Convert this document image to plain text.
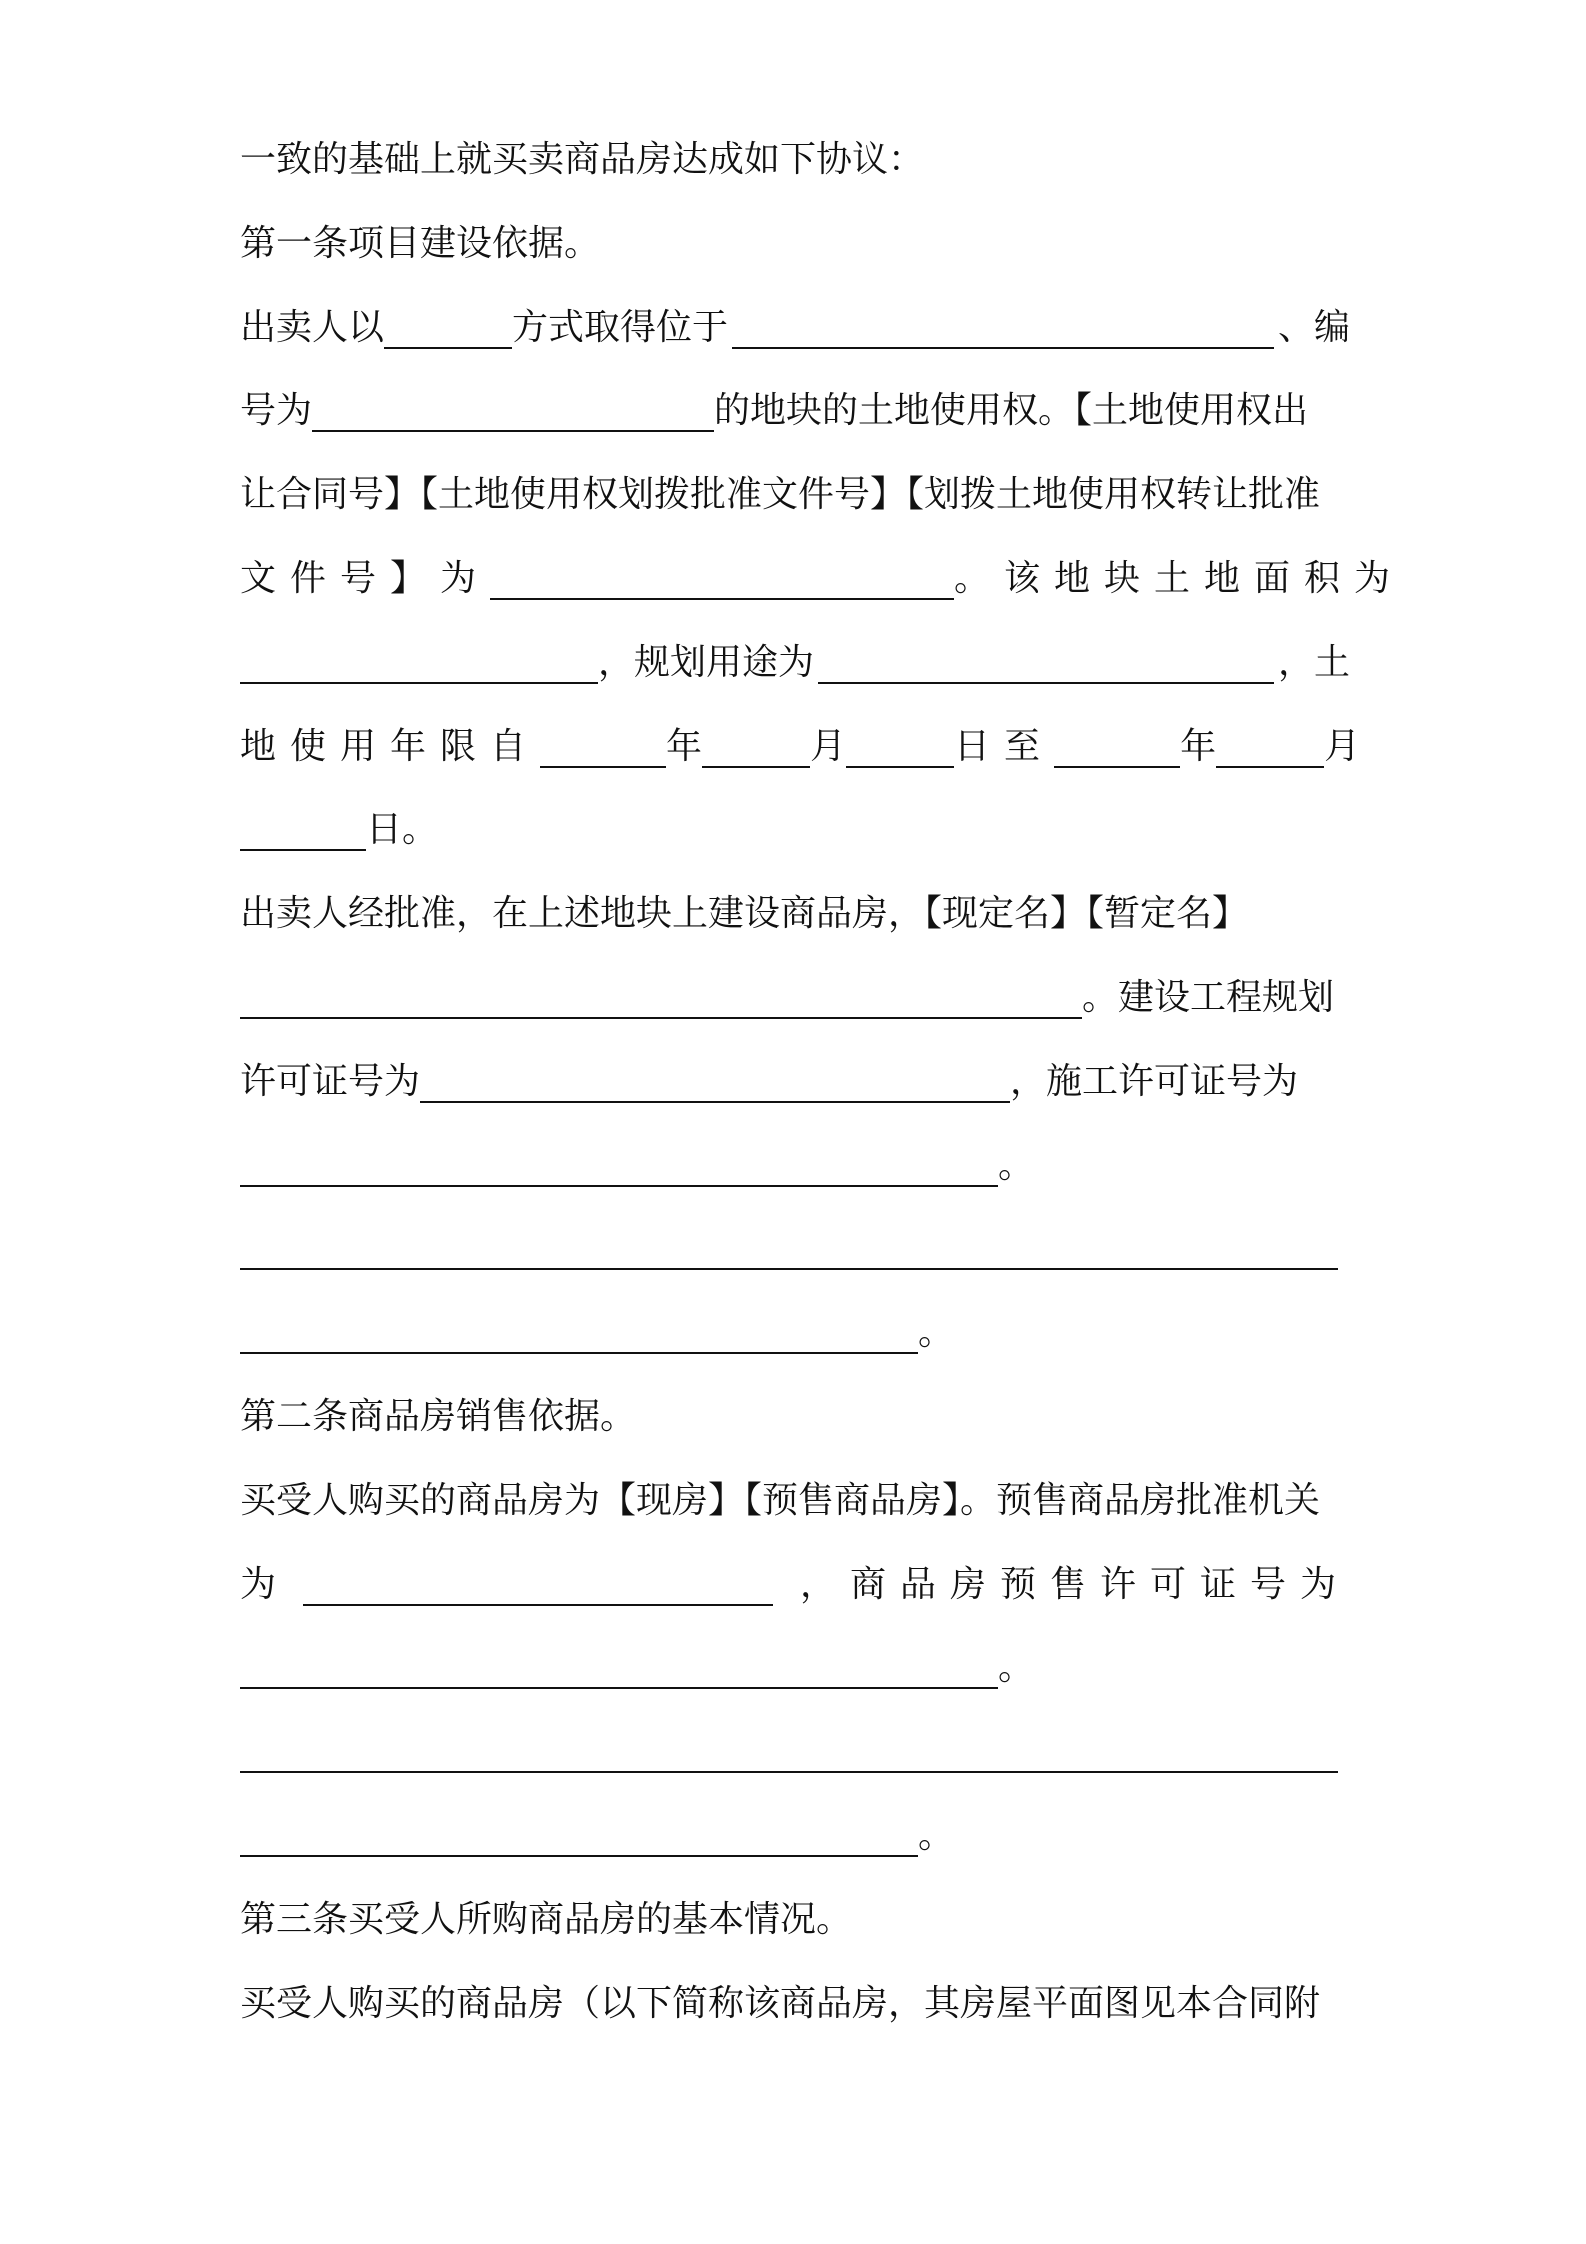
一致的基础上就买卖商品房达成如下协议：
第一条项目建设依据。
出卖人以	方式取得位于	、编
号为	的地块的土地使用权。【土地使用权出
让合同号】【土地使用权划拨批准文件号】【划拨土地使用权转让批准
文件号】为	。该地块土地面积为
，规划用途为	，土
地使用年限自	年	月	日至	年	月
日。
出卖人经批准，在上述地块上建设商品房，【现定名】【暂定名】
。建设工程规划
许可证号为	，施工许可证号为
。
。
第二条商品房销售依据。
买受人购买的商品房为【现房】【预售商品房】。预售商品房批准机关
为	，商品房预售许可证号为
。
。
第三条买受人所购商品房的基本情况。
买受人购买的商品房（以下简称该商品房，其房屋平面图见本合同附
